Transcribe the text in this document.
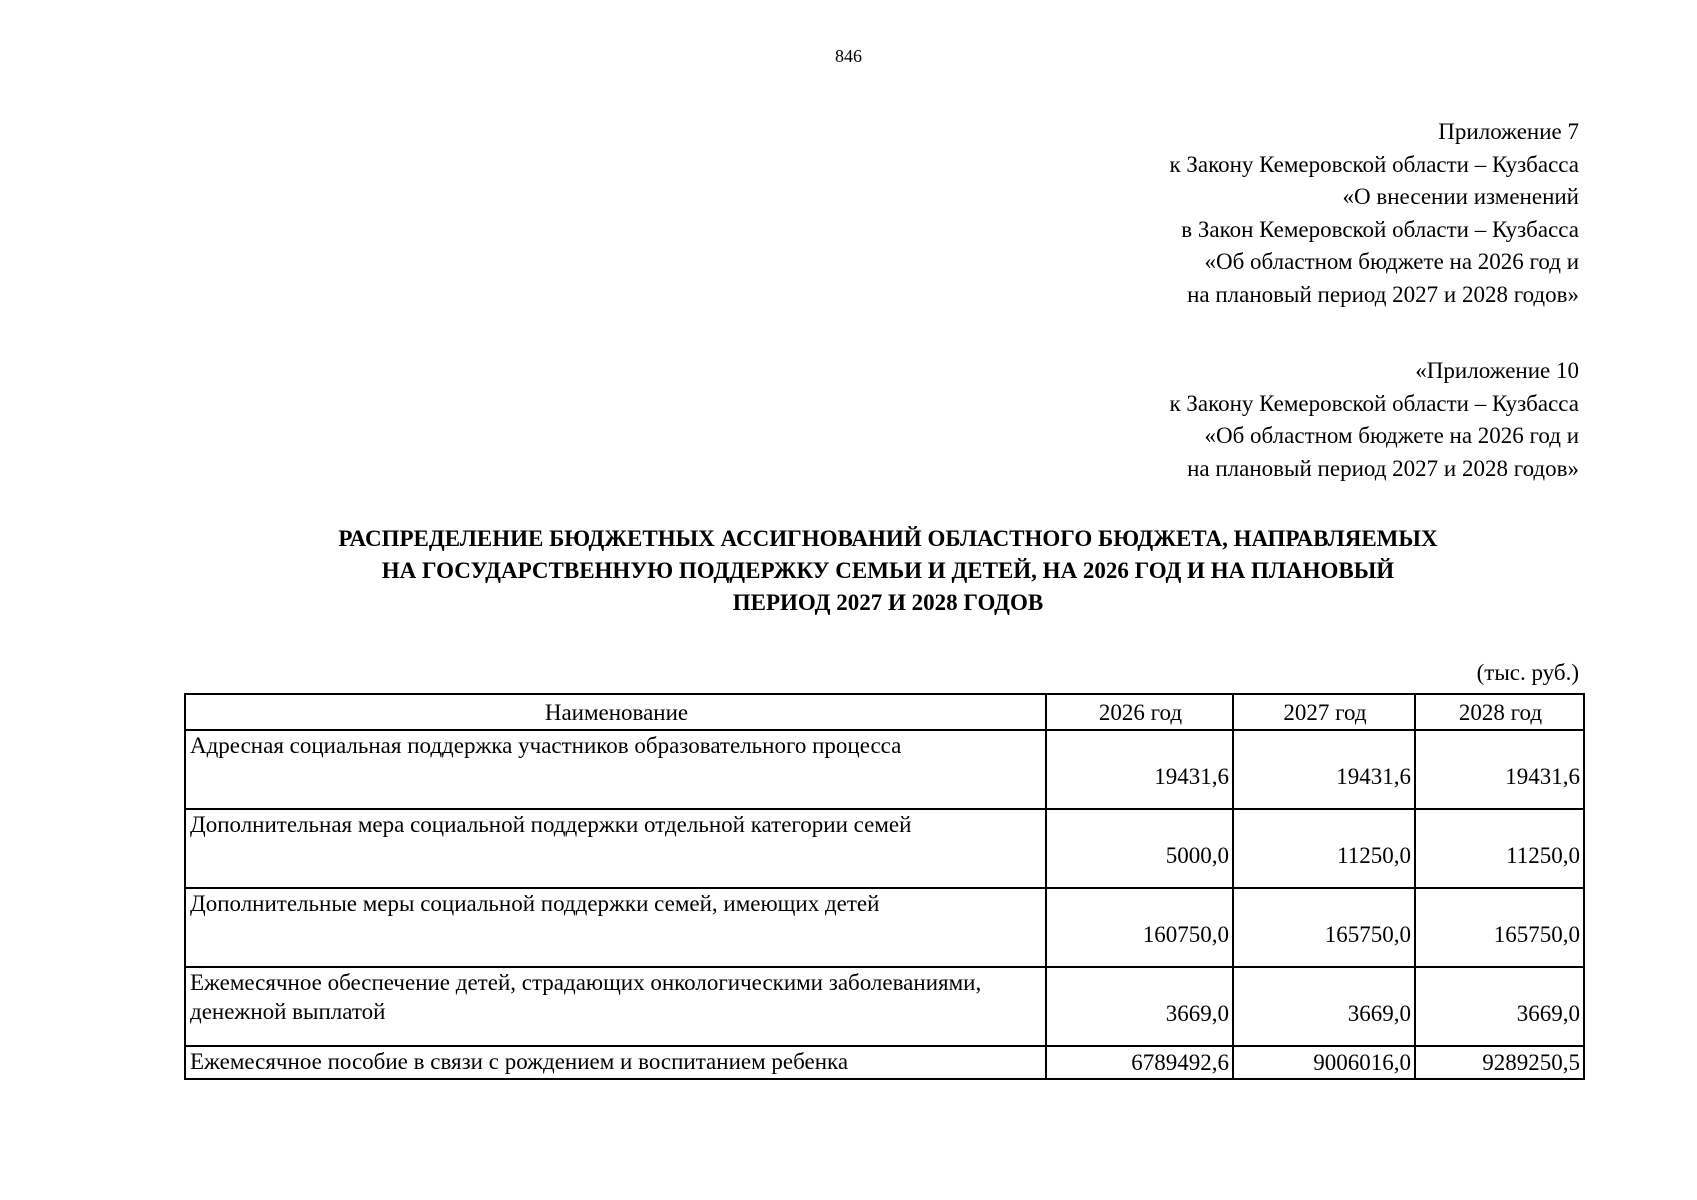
846
Приложение 7
к Закону Кемеровской области – Кузбасса
«О внесении изменений
в Закон Кемеровской области – Кузбасса
«Об областном бюджете на 2026 год и
на плановый период 2027 и 2028 годов»
«Приложение 10
к Закону Кемеровской области – Кузбасса
«Об областном бюджете на 2026 год и
на плановый период 2027 и 2028 годов»
РАСПРЕДЕЛЕНИЕ БЮДЖЕТНЫХ АССИГНОВАНИЙ ОБЛАСТНОГО БЮДЖЕТА, НАПРАВЛЯЕМЫХ
НА ГОСУДАРСТВЕННУЮ ПОДДЕРЖКУ СЕМЬИ И ДЕТЕЙ, НА 2026 ГОД И НА ПЛАНОВЫЙ
ПЕРИОД 2027 И 2028 ГОДОВ
(тыс. руб.)
Наименование	2026 год	2027 год	2028 год
Адресная социальная поддержка участников образовательного процесса	19431,6	19431,6	19431,6
Дополнительная мера социальной поддержки отдельной категории семей	5000,0	11250,0	11250,0
Дополнительные меры социальной поддержки семей, имеющих детей	160750,0	165750,0	165750,0
Ежемесячное обеспечение детей, страдающих онкологическими заболеваниями, денежной выплатой	3669,0	3669,0	3669,0
Ежемесячное пособие в связи с рождением и воспитанием ребенка	6789492,6	9006016,0	9289250,5
